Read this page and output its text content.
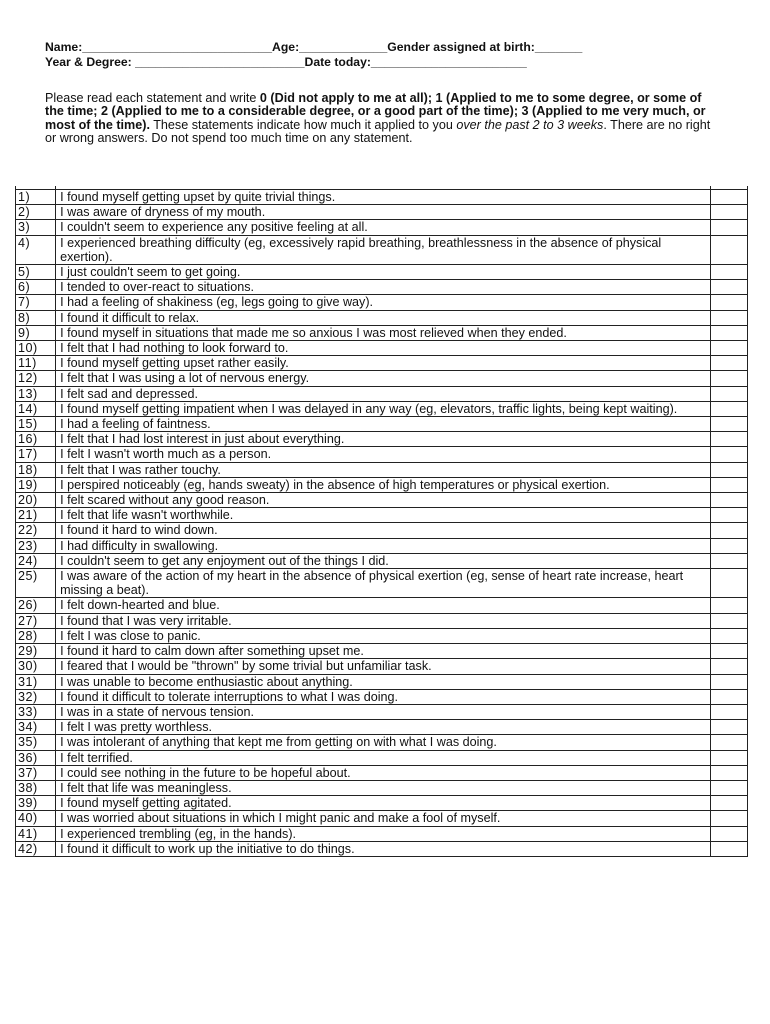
Name:____________________________Age:_____________Gender assigned at birth:_______
Year & Degree: _________________________Date today:_______________________
Please read each statement and write 0 (Did not apply to me at all); 1 (Applied to me to some degree, or some of the time; 2 (Applied to me to a considerable degree, or a good part of the time); 3 (Applied to me very much, or most of the time). These statements indicate how much it applied to you over the past 2 to 3 weeks. There are no right or wrong answers. Do not spend too much time on any statement.

1)	I found myself getting upset by quite trivial things.	
2)	I was aware of dryness of my mouth.	
3)	I couldn't seem to experience any positive feeling at all.	
4)	I experienced breathing difficulty (eg, excessively rapid breathing, breathlessness in the absence of physical exertion).	
5)	I just couldn't seem to get going.	
6)	I tended to over-react to situations.	
7)	I had a feeling of shakiness (eg, legs going to give way).	
8)	I found it difficult to relax.	
9)	I found myself in situations that made me so anxious I was most relieved when they ended.	
10)	I felt that I had nothing to look forward to.	
11)	I found myself getting upset rather easily.	
12)	I felt that I was using a lot of nervous energy.	
13)	I felt sad and depressed.	
14)	I found myself getting impatient when I was delayed in any way (eg, elevators, traffic lights, being kept waiting).	
15)	I had a feeling of faintness.	
16)	I felt that I had lost interest in just about everything.	
17)	I felt I wasn't worth much as a person.	
18)	I felt that I was rather touchy.	
19)	I perspired noticeably (eg, hands sweaty) in the absence of high temperatures or physical exertion.	
20)	I felt scared without any good reason.	
21)	I felt that life wasn't worthwhile.	
22)	I found it hard to wind down.	
23)	I had difficulty in swallowing.	
24)	I couldn't seem to get any enjoyment out of the things I did.	
25)	I was aware of the action of my heart in the absence of physical exertion (eg, sense of heart rate increase, heart missing a beat).	
26)	I felt down-hearted and blue.	
27)	I found that I was very irritable.	
28)	I felt I was close to panic.	
29)	I found it hard to calm down after something upset me.	
30)	I feared that I would be "thrown" by some trivial but unfamiliar task.	
31)	I was unable to become enthusiastic about anything.	
32)	I found it difficult to tolerate interruptions to what I was doing.	
33)	I was in a state of nervous tension.	
34)	I felt I was pretty worthless.	
35)	I was intolerant of anything that kept me from getting on with what I was doing.	
36)	I felt terrified.	
37)	I could see nothing in the future to be hopeful about.	
38)	I felt that life was meaningless.	
39)	I found myself getting agitated.	
40)	I was worried about situations in which I might panic and make a fool of myself.	
41)	I experienced trembling (eg, in the hands).	
42)	I found it difficult to work up the initiative to do things.	
